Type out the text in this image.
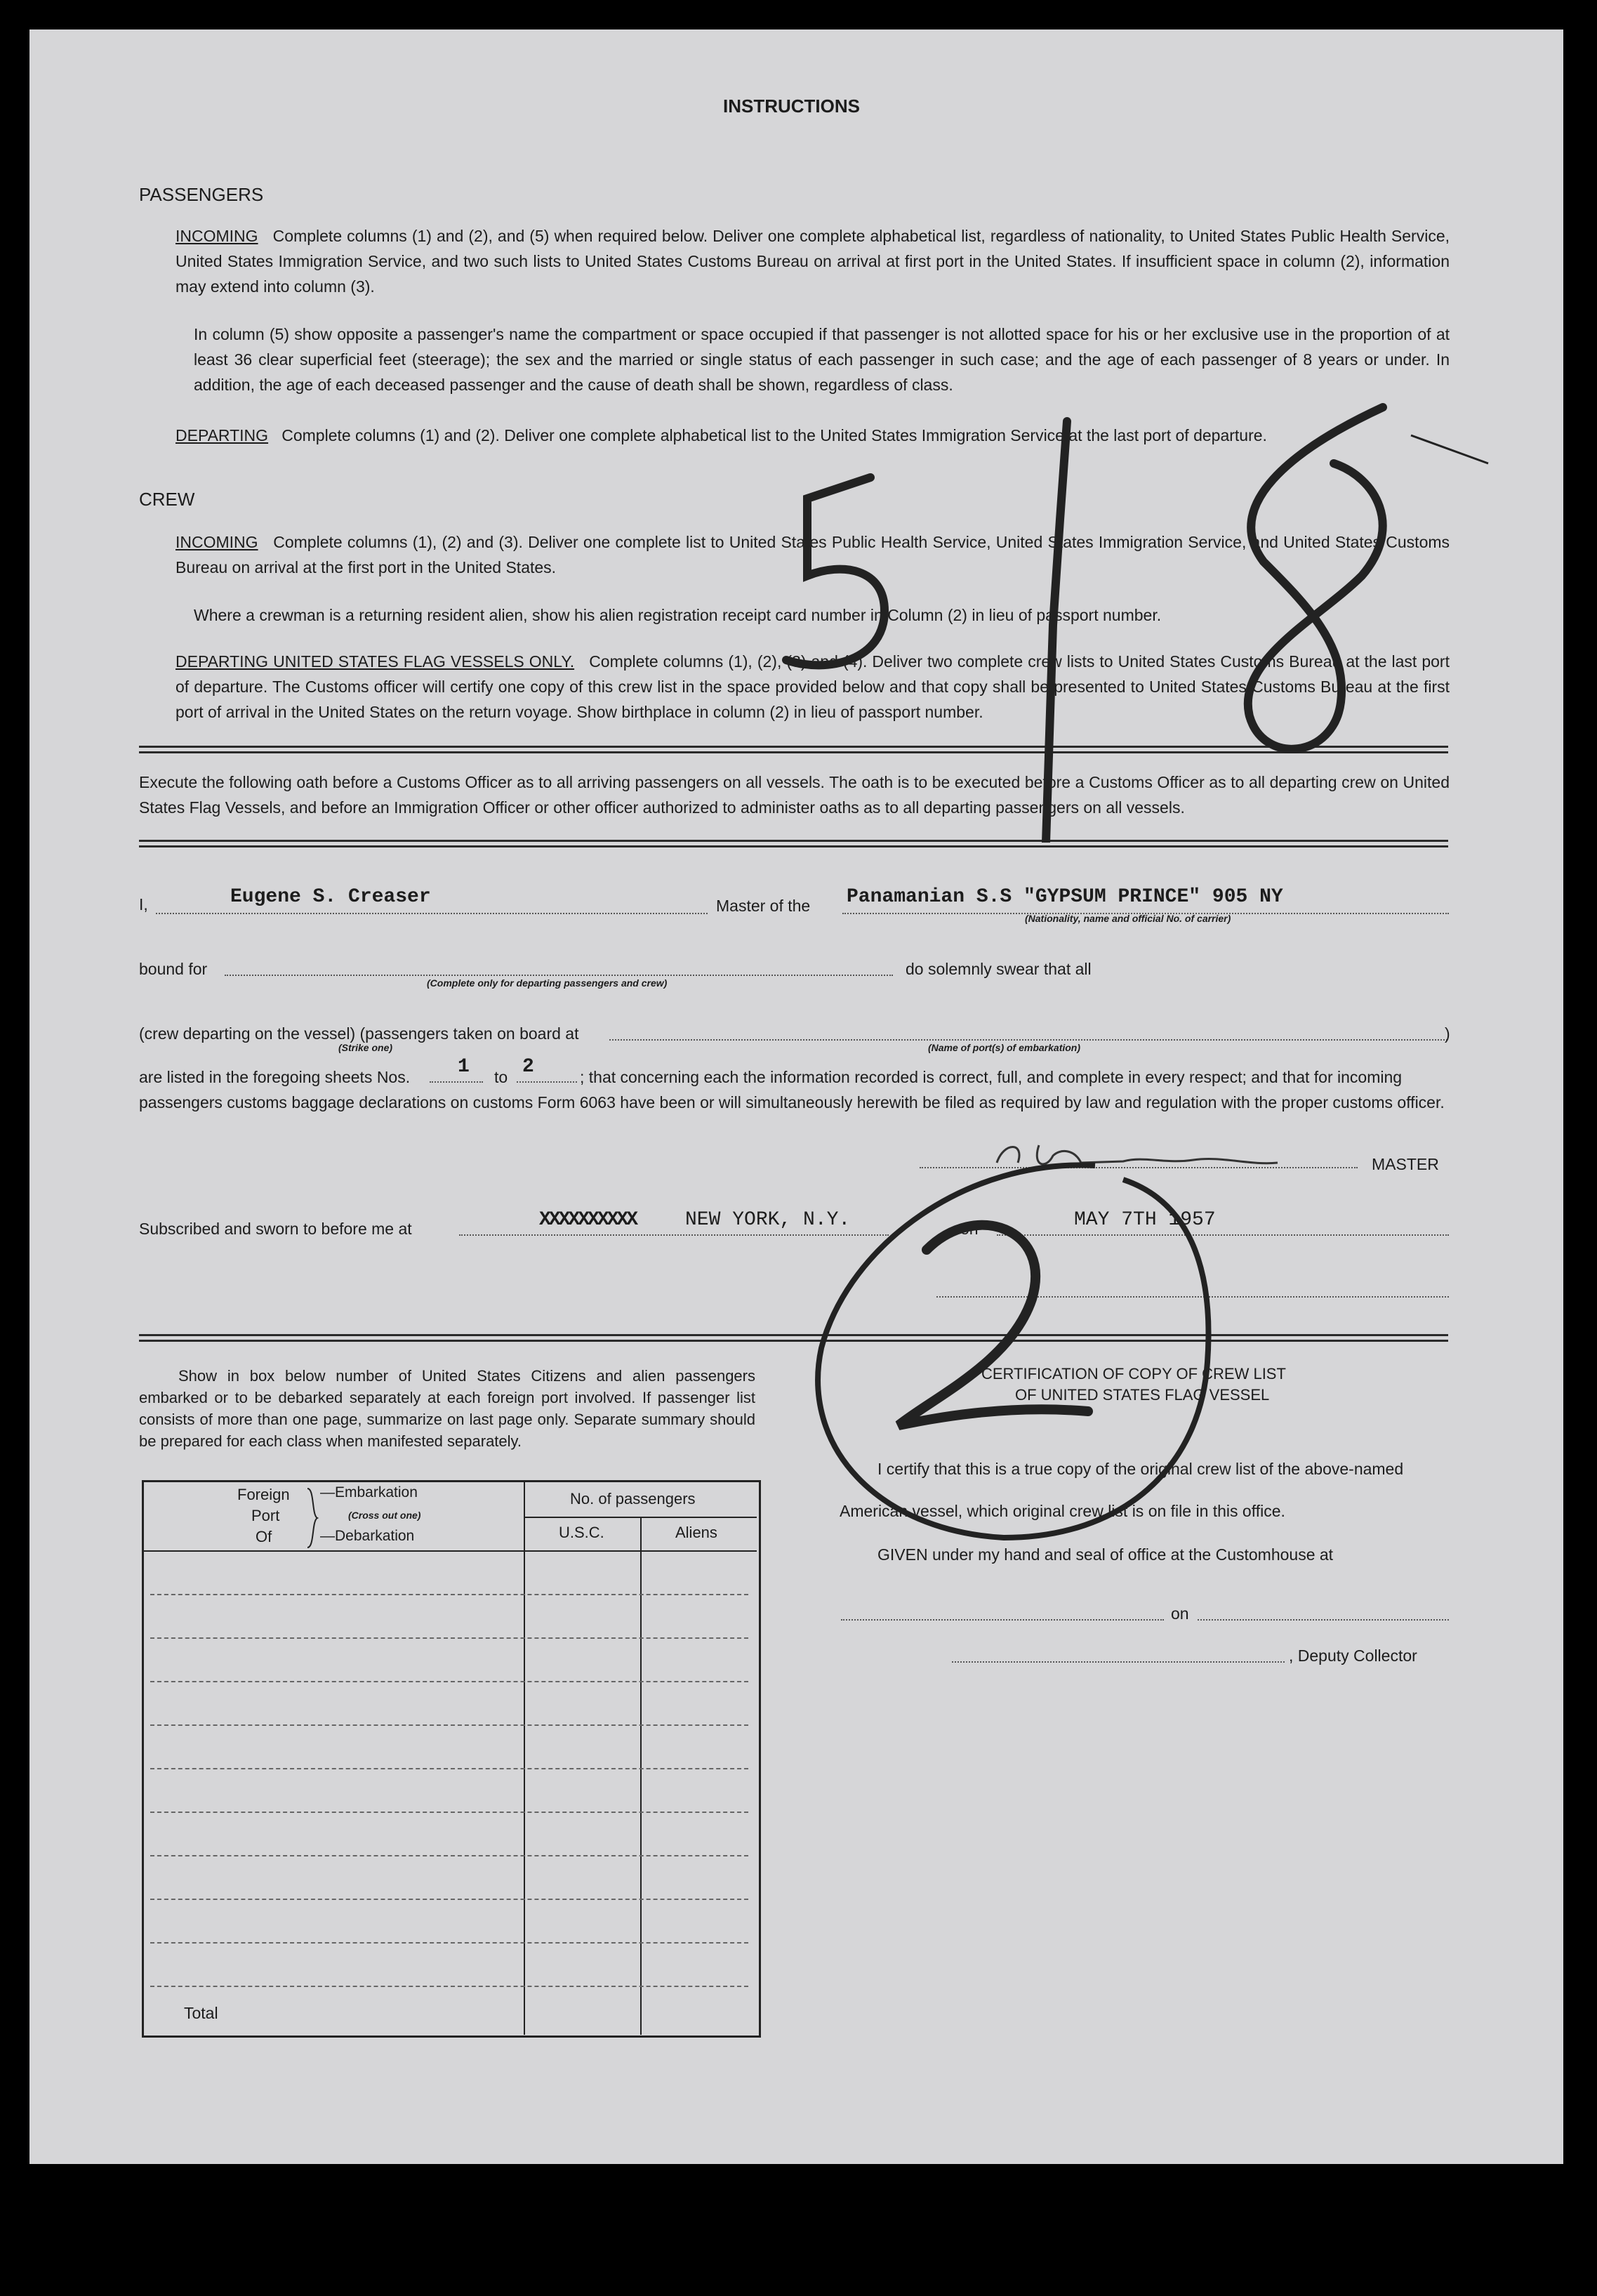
INSTRUCTIONS
PASSENGERS
INCOMING Complete columns (1) and (2), and (5) when required below. Deliver one complete alphabetical list, regardless of nationality, to United States Public Health Service, United States Immigration Service, and two such lists to United States Customs Bureau on arrival at first port in the United States. If insufficient space in column (2), information may extend into column (3).
In column (5) show opposite a passenger's name the compartment or space occupied if that passenger is not allotted space for his or her exclusive use in the proportion of at least 36 clear superficial feet (steerage); the sex and the married or single status of each passenger in such case; and the age of each passenger of 8 years or under. In addition, the age of each deceased passenger and the cause of death shall be shown, regardless of class.
DEPARTING Complete columns (1) and (2). Deliver one complete alphabetical list to the United States Immigration Service at the last port of departure.
CREW
INCOMING Complete columns (1), (2) and (3). Deliver one complete list to United States Public Health Service, United States Immigration Service, and United States Customs Bureau on arrival at the first port in the United States.
Where a crewman is a returning resident alien, show his alien registration receipt card number in Column (2) in lieu of passport number.
DEPARTING UNITED STATES FLAG VESSELS ONLY. Complete columns (1), (2), (3) and (4). Deliver two complete crew lists to United States Customs Bureau at the last port of departure. The Customs officer will certify one copy of this crew list in the space provided below and that copy shall be presented to United States Customs Bureau at the first port of arrival in the United States on the return voyage. Show birthplace in column (2) in lieu of passport number.
Execute the following oath before a Customs Officer as to all arriving passengers on all vessels. The oath is to be executed before a Customs Officer as to all departing crew on United States Flag Vessels, and before an Immigration Officer or other officer authorized to administer oaths as to all departing passengers on all vessels.
I,	Eugene S. Creaser	Master of the Panamanian S.S "GYPSUM PRINCE" 905 NY
(Nationality, name and official No. of carrier)
bound for
(Complete only for departing passengers and crew)
do solemnly swear that all
(crew departing on the vessel) (passengers taken on board at	)
(Strike one)	(Name of port(s) of embarkation)
are listed in the foregoing sheets Nos. 1 to 2	; that concerning each the information recorded is correct, full, and complete in every respect; and that for incoming
passengers customs baggage declarations on customs Form 6063 have been or will simultaneously herewith be filed as required by law and regulation with the proper customs officer.
MASTER
Subscribed and sworn to before me at	XXXXXXXXXX NEW YORK, N.Y.	on	MAY 7TH 1957
Show in box below number of United States Citizens and alien passengers embarked or to be debarked separately at each foreign port involved. If passenger list consists of more than one page, summarize on last page only. Separate summary should be prepared for each class when manifested separately.
Foreign
Port
Of
—Embarkation
(Cross out one)
—Debarkation
No. of passengers
U.S.C.	Aliens
Total
CERTIFICATION OF COPY OF CREW LIST
OF UNITED STATES FLAG VESSEL
I certify that this is a true copy of the original crew list of the above-named
American vessel, which original crew list is on file in this office.
GIVEN under my hand and seal of office at the Customhouse at
on
, Deputy Collector
